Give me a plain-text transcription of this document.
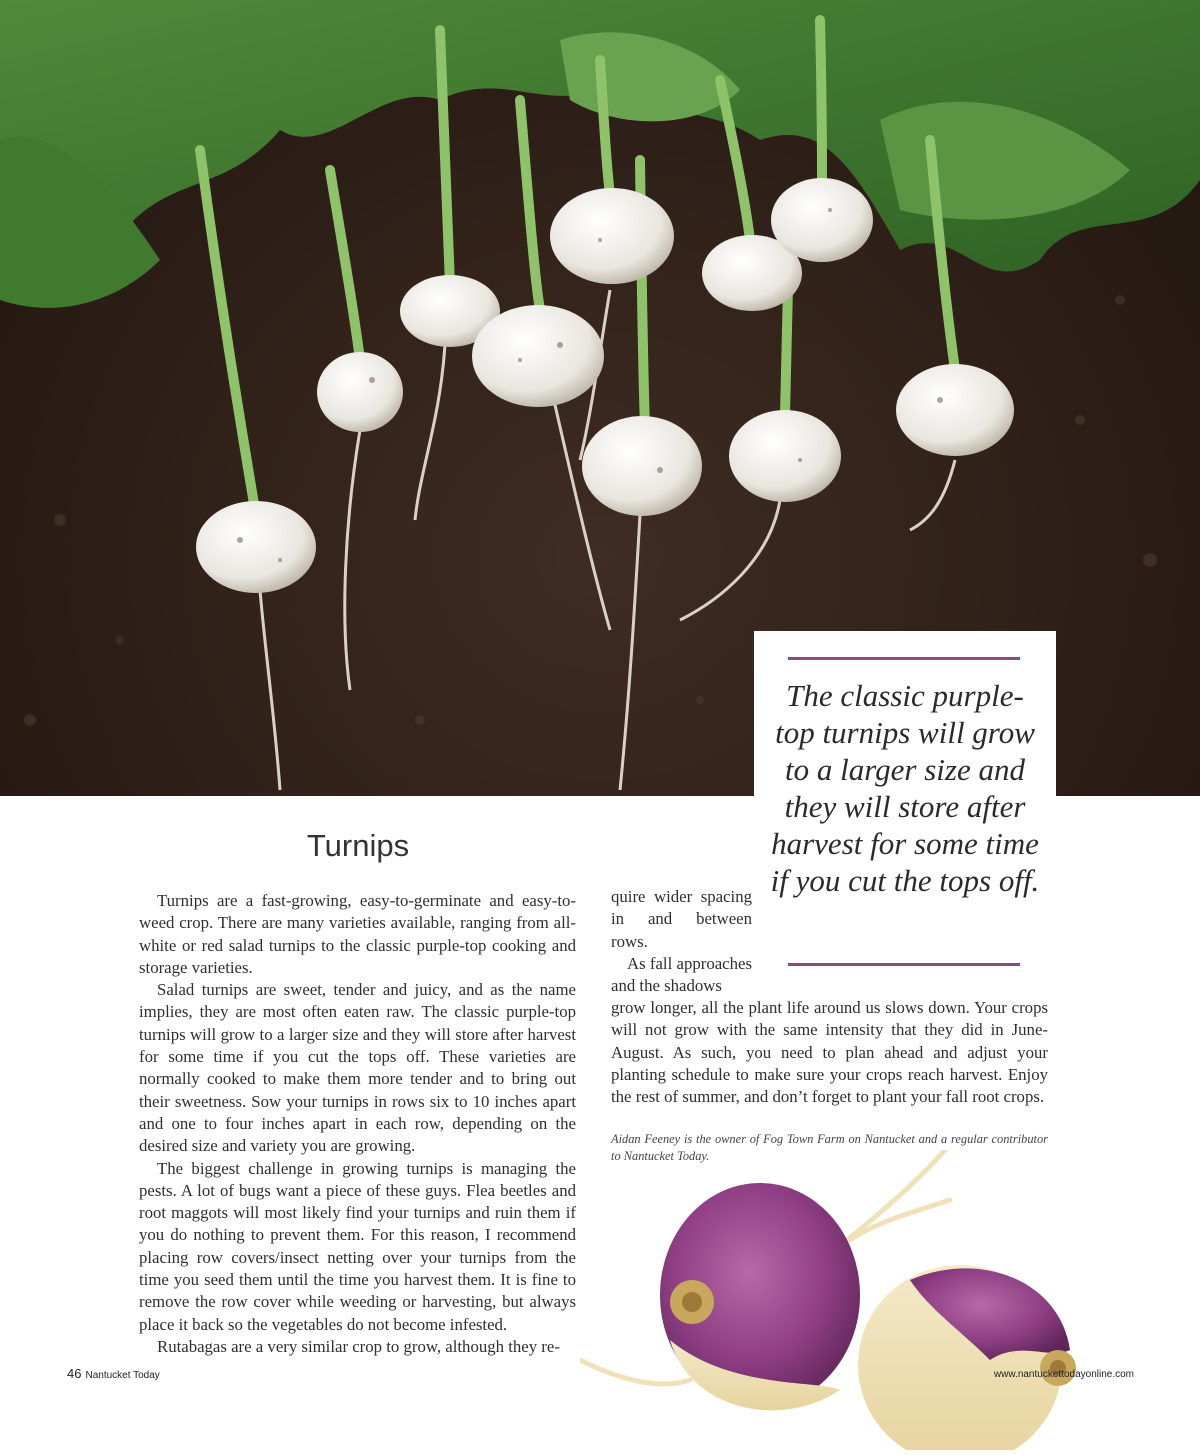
The classic purple-top turnips will grow to a larger size and they will store after harvest for some time if you cut the tops off.
Turnips

Turnips are a fast-growing, easy-to-germinate and easy-to-weed crop. There are many varieties available, ranging from all-white or red salad turnips to the classic purple-top cooking and storage varieties.

Salad turnips are sweet, tender and juicy, and as the name implies, they are most often eaten raw. The classic purple-top turnips will grow to a larger size and they will store after harvest for some time if you cut the tops off. These varieties are normally cooked to make them more tender and to bring out their sweetness. Sow your turnips in rows six to 10 inches apart and one to four inches apart in each row, depending on the desired size and variety you are growing.

The biggest challenge in growing turnips is managing the pests. A lot of bugs want a piece of these guys. Flea beetles and root maggots will most likely find your turnips and ruin them if you do nothing to prevent them. For this reason, I recommend placing row covers/insect netting over your turnips from the time you seed them until the time you harvest them. It is fine to remove the row cover while weeding or harvesting, but always place it back so the vegetables do not become infested.

Rutabagas are a very similar crop to grow, although they re-

quire wider spacing in and between rows.

As fall approaches and the shadows

grow longer, all the plant life around us slows down. Your crops will not grow with the same intensity that they did in June-August. As such, you need to plan ahead and adjust your planting schedule to make sure your crops reach harvest. Enjoy the rest of summer, and don’t forget to plant your fall root crops.

Aidan Feeney is the owner of Fog Town Farm on Nantucket and a regular contributor to Nantucket Today.
46 Nantucket Today	www.nantuckettodayonline.com
